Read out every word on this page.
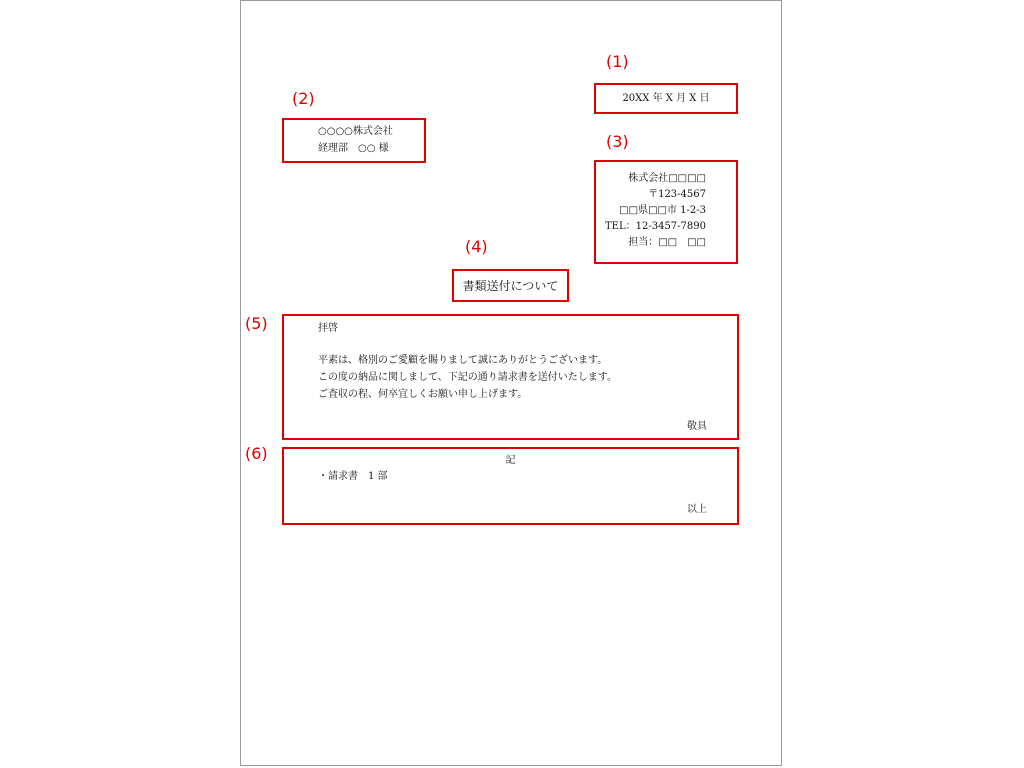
(1)
(2)
(3)
(4)
(5)
(6)
20XX 年 X 月 X 日
○○○○株式会社
経理部　○○ 様
株式会社□□□□
〒123-4567
□□県□□市 1-2-3
TEL：12-3457-7890
担当：□□　□□
書類送付について
拝啓
平素は、格別のご愛顧を賜りまして誠にありがとうございます。
この度の納品に関しまして、下記の通り請求書を送付いたします。
ご査収の程、何卒宜しくお願い申し上げます。
敬具
記
・請求書　1 部
以上
